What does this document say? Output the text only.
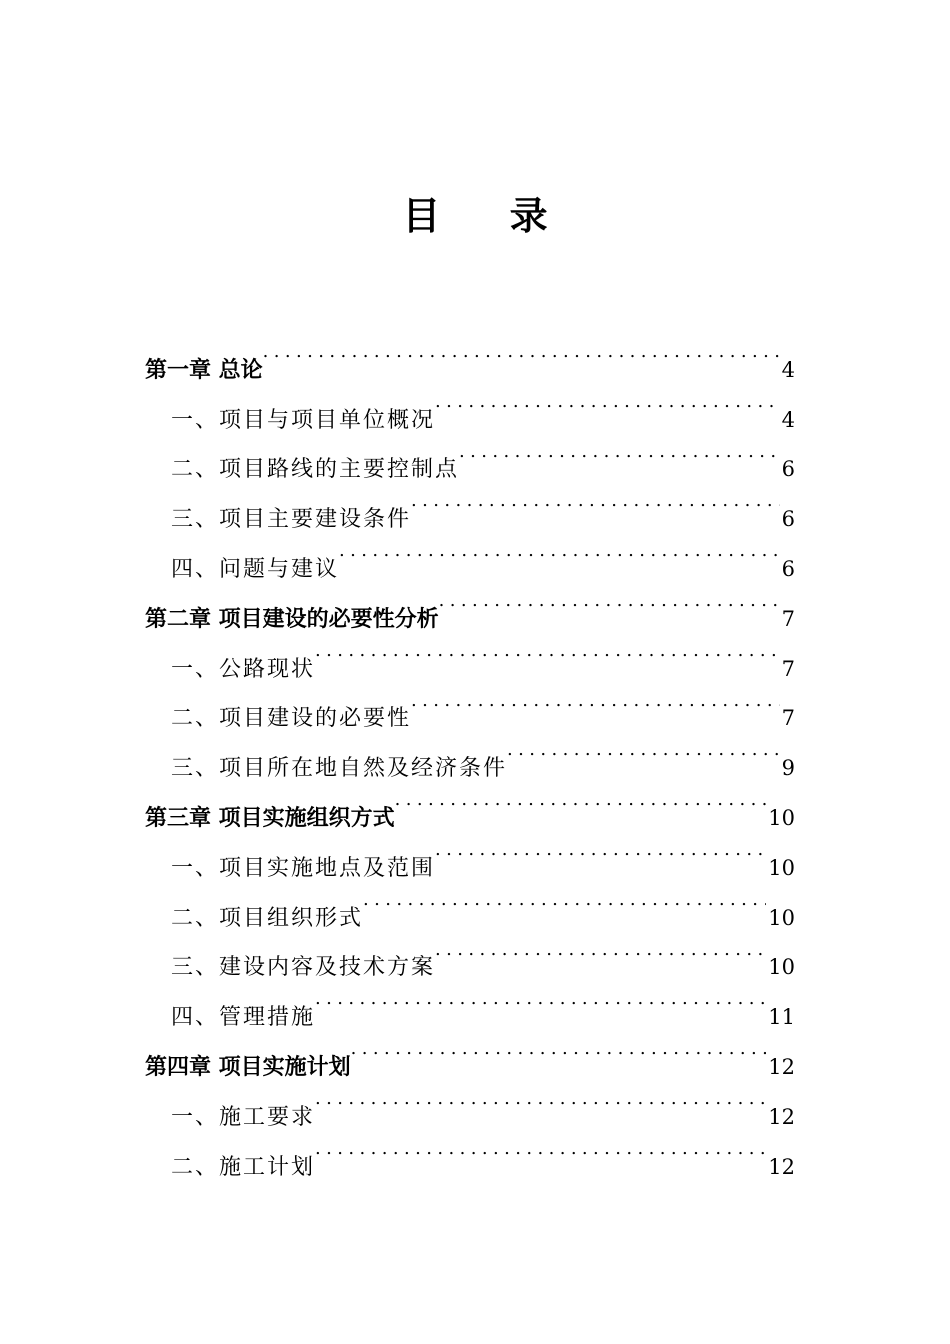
目 录
第一章 总论 .....	4
一、项目与项目单位概况 .....	4
二、项目路线的主要控制点 .....	6
三、项目主要建设条件 .....	6
四、问题与建议 .....	6
第二章 项目建设的必要性分析 .....	7
一、公路现状 .....	7
二、项目建设的必要性 .....	7
三、项目所在地自然及经济条件 .....	9
第三章 项目实施组织方式 .....	10
一、项目实施地点及范围 .....	10
二、项目组织形式 .....	10
三、建设内容及技术方案 .....	10
四、管理措施 .....	11
第四章 项目实施计划 .....	12
一、施工要求 .....	12
二、施工计划 .....	12
